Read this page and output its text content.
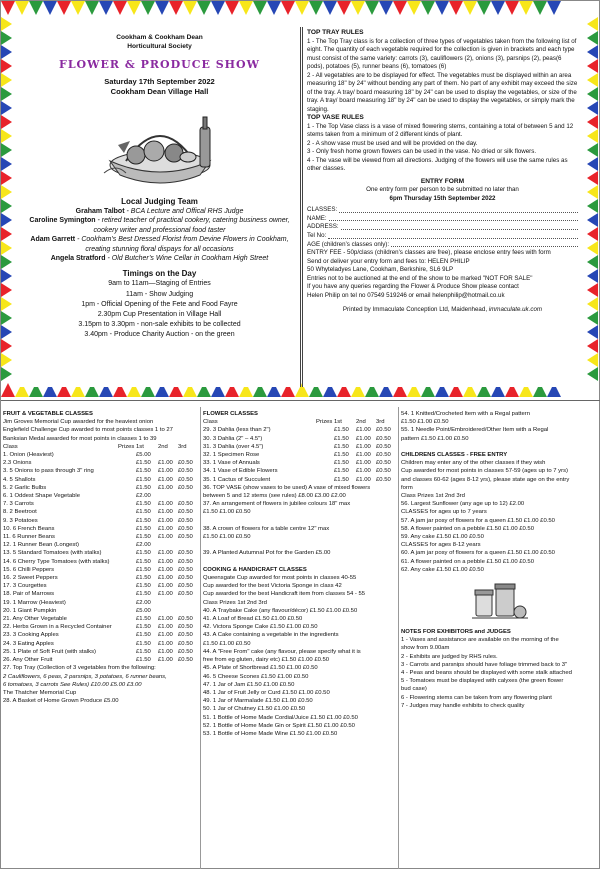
Cookham & Cookham Dean
Horticultural Society
FLOWER & PRODUCE SHOW
Saturday 17th September 2022
Cookham Dean Village Hall
Local Judging Team
Graham Talbot - BCA Lecture and Offical RHS Judge
Caroline Symington - retired teacher of practical cookery, catering business owner, cookery writer and professional food taster
Adam Garrett - Cookham’s Best Dressed Florist from Devine Flowers in Cookham, creating stunning floral dispays for all occasions
Angela Stratford - Old Butcher’s Wine Cellar in Cookham High Street
Timings on the Day
9am to 11am—Staging of Entries
11am - Show Judging
1pm - Official Opening of the Fete and Food Fayre
2.30pm Cup Presentation in Village Hall
3.15pm to 3.30pm - non-sale exhibits to be collected
3.40pm - Produce Charity Auction - on the green
TOP TRAY RULES
1 - The Top Tray class is for a collection of three types of vegetables taken from the following list of eight. The quantity of each vegetable required for the collection is given in brackets and each type must consist of the same variety: carrots (3), cauliflowers (2), onions (3), parsnips (2), peas(6 pods), potatoes (5), runner beans (6), tomatoes (6)
2 - All vegetables are to be displayed for effect. The vegetables must be displayed within an area measuring 18" by 24" without bending any part of them. No part of any exhibit may exceed the size of the tray. A tray/ board measuring 18" by 24" can be used to display the vegetables, or size of the tray. A tray/ board measuring 18" by 24" can be used to display the vegetables, or simply mark the staging.
TOP VASE RULES
1 - The Top Vase class is a vase of mixed flowering stems, containing a total of between 5 and 12 stems taken from a minimum of 2 different kinds of plant.
2 - A show vase must be used and will be provided on the day.
3 - Only fresh home grown flowers can be used in the vase. No dried or silk flowers.
4 - The vase will be viewed from all directions. Judging of the flowers will use the same rules as other classes.
ENTRY FORM
One entry form per person to be submitted no later than
6pm Thursday 15th September 2022
CLASSES:
NAME:
ADDRESS:
Tel No:
AGE (children’s classes only):
ENTRY FEE - 50p/class (children's classes are free), please enclose entry fees with form
Send or deliver your entry form and fees to: HELEN PHILIP
50 Whyteladyes Lane, Cookham, Berkshire, SL6 9LP
Entries not to be auctioned at the end of the show to be marked "NOT FOR SALE"
If you have any queries regarding the Flower & Produce Show please contact
Helen Philip on tel no 07549 519246 or email helenphilip@hotmail.co.uk
Printed by Immaculate Conception Ltd, Maidenhead, immaculate.uk.com
FRUIT & VEGETABLE CLASSES
Jim Groves Memorial Cup awarded for the heaviest onion
Englefield Challenge Cup awarded to most points classes 1 to 27
Banksian Medal awarded for most points in classes 1 to 39
Class	Prizes 1st	2nd	3rd
1. Onion (Heaviest)	£5.00
2.3 Onions	£1.50	£1.00 £0.50
3. 5 Onions to pass through 3" ring	£1.50	£1.00 £0.50
4. 5 Shallots	£1.50	£1.00 £0.50
5. 2 Garlic Bulbs	£1.50	£1.00 £0.50
6. 1 Oddest Shape Vegetable	£2.00
7. 3 Carrots	£1.50	£1.00 £0.50
8. 2 Beetroot	£1.50	£1.00 £0.50
9. 3 Potatoes	£1.50	£1.00 £0.50
10. 6 French Beans	£1.50	£1.00 £0.50
11. 6 Runner Beans	£1.50	£1.00 £0.50
12. 1 Runner Bean (Longest)	£2.00
13. 5 Standard Tomatoes (with stalks)	£1.50	£1.00 £0.50
14. 6 Cherry Type Tomatoes (with stalks)	£1.50	£1.00 £0.50
15. 6 Chilli Peppers	£1.50	£1.00 £0.50
16. 2 Sweet Peppers	£1.50	£1.00 £0.50
17. 3 Courgettes	£1.50	£1.00 £0.50
18. Pair of Marrows	£1.50	£1.00 £0.50
19. 1 Marrow (Heaviest)	£2.00
20. 1 Giant Pumpkin	£5.00
21. Any Other Vegetable	£1.50	£1.00 £0.50
22. Herbs Grown in a Recycled Container	£1.50	£1.00 £0.50
23. 3 Cooking Apples	£1.50	£1.00 £0.50
24. 3 Eating Apples	£1.50	£1.00 £0.50
25. 1 Plate of Soft Fruit (with stalks)	£1.50	£1.00 £0.50
26. Any Other Fruit	£1.50	£1.00 £0.50
27. Top Tray (Collection of 3 vegetables from the following:
2 Cauliflowers, 6 peas, 2 parsnips, 3 potatoes, 6 runner beans,
6 tomatoes, 3 carrots See Rules) £10.00 £5.00 £3.00
The Thatcher Memorial Cup
28. A Basket of Home Grown Produce £5.00
FLOWER CLASSES
Class	Prizes 1st	2nd	3rd
29. 3 Dahlia (less than 2")	£1.50	£1.00 £0.50
30. 3 Dahlia (2" – 4.5")	£1.50	£1.00 £0.50
31. 3 Dahlia (over 4.5")	£1.50	£1.00 £0.50
32. 1 Specimen Rose	£1.50	£1.00 £0.50
33. 1 Vase of Annuals	£1.50	£1.00 £0.50
34. 1 Vase of Edible Flowers	£1.50	£1.00 £0.50
35. 1 Cactus of Succulent	£1.50	£1.00 £0.50
36. TOP VASE (show vases to be used) A vase of mixed flowers
between 5 and 12 stems (see rules) £8.00 £3.00 £2.00
37. An arrangement of flowers in jubilee colours 18" max
£1.50 £1.00 £0.50

38. A crown of flowers for a table centre 12" max
£1.50 £1.00 £0.50

39. A Planted Autumnal Pot for the Garden £5.00

COOKING & HANDICRAFT CLASSES
Queensgate Cup awarded for most points in classes 40-55
Cup awarded for the best Victoria Sponge in class 42
Cup awarded for the best Handicraft item from classes 54 - 55
Class Prizes 1st 2nd 3rd
40. A Traybake Cake (any flavour/décor) £1.50 £1.00 £0.50
41. A Loaf of Bread £1.50 £1.00 £0.50
42. Victora Sponge Cake £1.50 £1.00 £0.50
43. A Cake containing a vegetable in the ingredients
£1.50 £1.00 £0.50
44. A "Free From" cake (any flavour, please specify what it is
free from eg gluten, dairy etc) £1.50 £1.00 £0.50
45. A Plate of Shortbread £1.50 £1.00 £0.50
46. 5 Cheese Scones £1.50 £1.00 £0.50
47. 1 Jar of Jam £1.50 £1.00 £0.50
48. 1 Jar of Fruit Jelly or Curd £1.50 £1.00 £0.50
49. 1 Jar of Marmalade £1.50 £1.00 £0.50
50. 1 Jar of Chutney £1.50 £1.00 £0.50
51. 1 Bottle of Home Made Cordial/Juice £1.50 £1.00 £0.50
52. 1 Bottle of Home Made Gin or Spirit £1.50 £1.00 £0.50
53. 1 Bottle of Home Made Wine £1.50 £1.00 £0.50
54. 1 Knitted/Crocheted Item with a Regal pattern
£1.50 £1.00 £0.50
55. 1 Needle Point/Embroidered/Other Item with a Regal
pattern £1.50 £1.00 £0.50

CHILDRENS CLASSES - FREE ENTRY
Children may enter any of the other classes if they wish
Cup awarded for most points in classes 57-59 (ages up to 7 yrs)
and classes 60-62 (ages 8-12 yrs), please state age on the entry
form
Class Prizes 1st 2nd 3rd
56. Largest Sunflower (any age up to 12) £2.00
CLASSES for ages up to 7 years
57. A jam jar posy of flowers for a queen £1.50 £1.00 £0.50
58. A flower painted on a pebble £1.50 £1.00 £0.50
59. Any cake £1.50 £1.00 £0.50
CLASSES for ages 8-12 years
60. A jam jar posy of flowers for a queen £1.50 £1.00 £0.50
61. A flower painted on a pebble £1.50 £1.00 £0.50
62. Any cake £1.50 £1.00 £0.50
NOTES FOR EXHIBITORS and JUDGES
1 - Vases and assistance are available on the morning of the
show from 9.00am
2 - Exhibits are judged by RHS rules.
3 - Carrots and parsnips should have foliage trimmed back to 3"
4 - Peas and beans should be displayed with some stalk attached
5 - Tomatoes must be displayed with calyxes (the green flower
bud case)
6 - Flowering stems can be taken from any flowering plant
7 - Judges may handle exhibits to check quality
